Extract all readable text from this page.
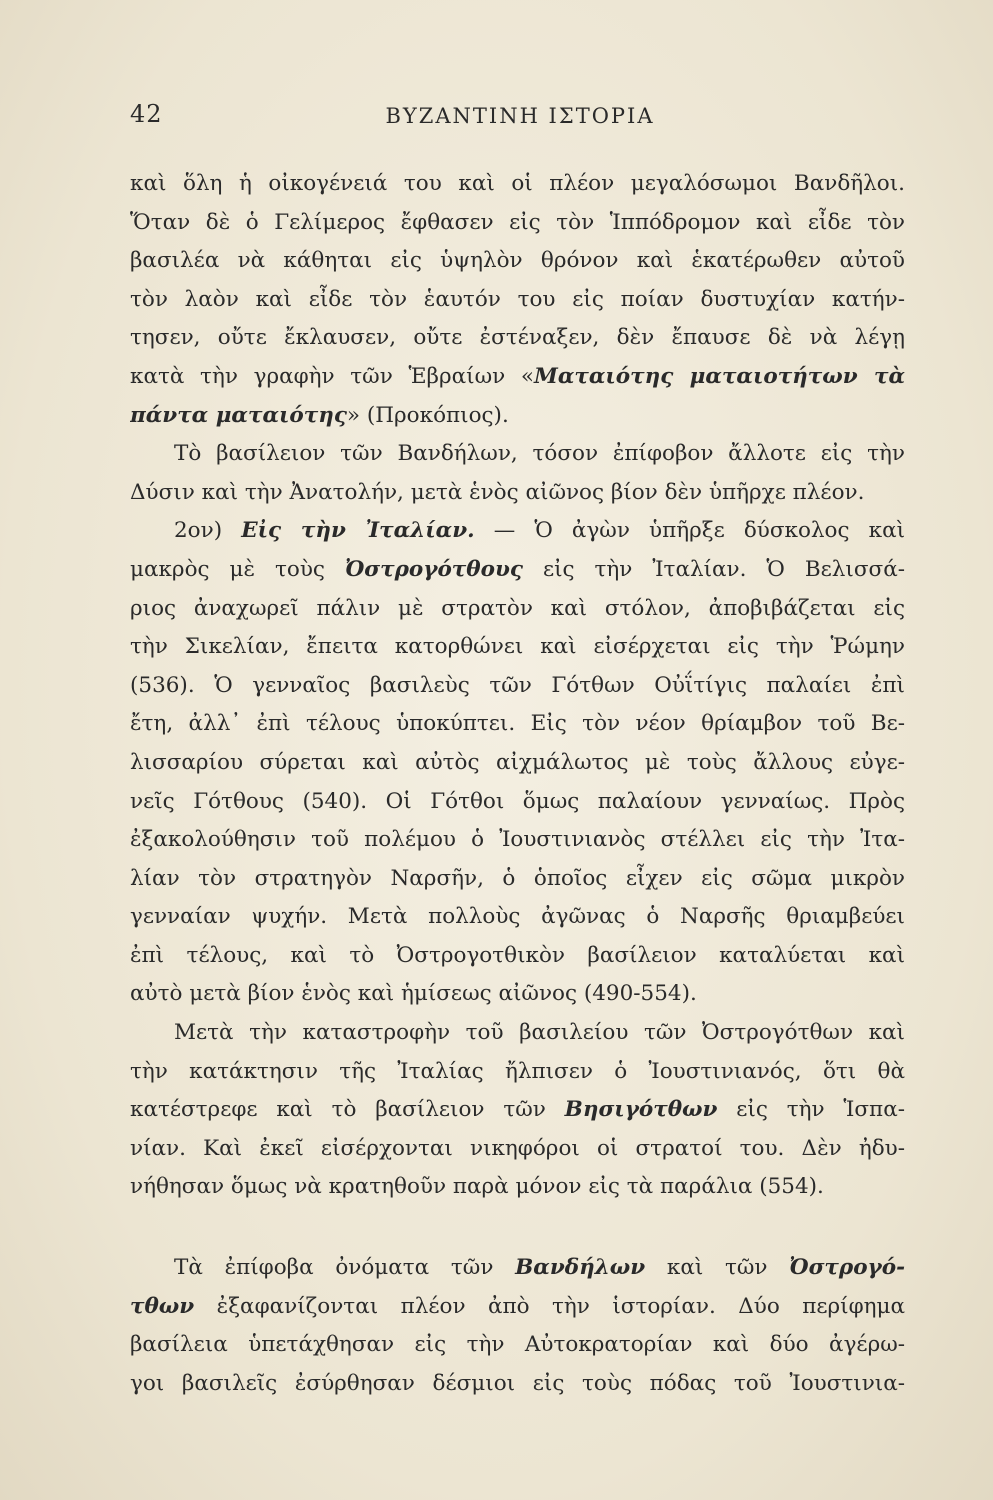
42	ΒΥΖΑΝΤΙΝΗ ΙΣΤΟΡΙΑ
καὶ ὅλη ἡ οἰκογένειά του καὶ οἱ πλέον μεγαλόσωμοι Βανδῆλοι.
Ὅταν δὲ ὁ Γελίμερος ἔφθασεν εἰς τὸν Ἱππόδρομον καὶ εἶδε τὸν
βασιλέα νὰ κάθηται εἰς ὑψηλὸν θρόνον καὶ ἑκατέρωθεν αὐτοῦ
τὸν λαὸν καὶ εἶδε τὸν ἑαυτόν του εἰς ποίαν δυστυχίαν κατήν-
τησεν, οὔτε ἔκλαυσεν, οὔτε ἐστέναξεν, δὲν ἔπαυσε δὲ νὰ λέγῃ
κατὰ τὴν γραφὴν τῶν Ἑβραίων «Ματαιότης ματαιοτήτων τὰ
πάντα ματαιότης» (Προκόπιος).
Τὸ βασίλειον τῶν Βανδήλων, τόσον ἐπίφοβον ἄλλοτε εἰς τὴν
Δύσιν καὶ τὴν Ἀνατολήν, μετὰ ἑνὸς αἰῶνος βίον δὲν ὑπῆρχε πλέον.
2ον) Εἰς τὴν Ἰταλίαν. — Ὁ ἀγὼν ὑπῆρξε δύσκολος καὶ
μακρὸς μὲ τοὺς Ὀστρογότθους εἰς τὴν Ἰταλίαν. Ὁ Βελισσά-
ριος ἀναχωρεῖ πάλιν μὲ στρατὸν καὶ στόλον, ἀποβιβάζεται εἰς
τὴν Σικελίαν, ἔπειτα κατορθώνει καὶ εἰσέρχεται εἰς τὴν Ῥώμην
(536). Ὁ γενναῖος βασιλεὺς τῶν Γότθων Οὐΐτίγις παλαίει ἐπὶ
ἔτη, ἀλλ᾽ ἐπὶ τέλους ὑποκύπτει. Εἰς τὸν νέον θρίαμβον τοῦ Βε-
λισσαρίου σύρεται καὶ αὐτὸς αἰχμάλωτος μὲ τοὺς ἄλλους εὐγε-
νεῖς Γότθους (540). Οἱ Γότθοι ὅμως παλαίουν γενναίως. Πρὸς
ἐξακολούθησιν τοῦ πολέμου ὁ Ἰουστινιανὸς στέλλει εἰς τὴν Ἰτα-
λίαν τὸν στρατηγὸν Ναρσῆν, ὁ ὁποῖος εἶχεν εἰς σῶμα μικρὸν
γενναίαν ψυχήν. Μετὰ πολλοὺς ἀγῶνας ὁ Ναρσῆς θριαμβεύει
ἐπὶ τέλους, καὶ τὸ Ὀστρογοτθικὸν βασίλειον καταλύεται καὶ
αὐτὸ μετὰ βίον ἑνὸς καὶ ἡμίσεως αἰῶνος (490-554).
Μετὰ τὴν καταστροφὴν τοῦ βασιλείου τῶν Ὀστρογότθων καὶ
τὴν κατάκτησιν τῆς Ἰταλίας ἤλπισεν ὁ Ἰουστινιανός, ὅτι θὰ
κατέστρεφε καὶ τὸ βασίλειον τῶν Βησιγότθων εἰς τὴν Ἱσπα-
νίαν. Καὶ ἐκεῖ εἰσέρχονται νικηφόροι οἱ στρατοί του. Δὲν ἠδυ-
νήθησαν ὅμως νὰ κρατηθοῦν παρὰ μόνον εἰς τὰ παράλια (554).
Τὰ ἐπίφοβα ὀνόματα τῶν Βανδήλων καὶ τῶν Ὀστρογό-
τθων ἐξαφανίζονται πλέον ἀπὸ τὴν ἱστορίαν. Δύο περίφημα
βασίλεια ὑπετάχθησαν εἰς τὴν Αὐτοκρατορίαν καὶ δύο ἀγέρω-
γοι βασιλεῖς ἐσύρθησαν δέσμιοι εἰς τοὺς πόδας τοῦ Ἰουστινια-
